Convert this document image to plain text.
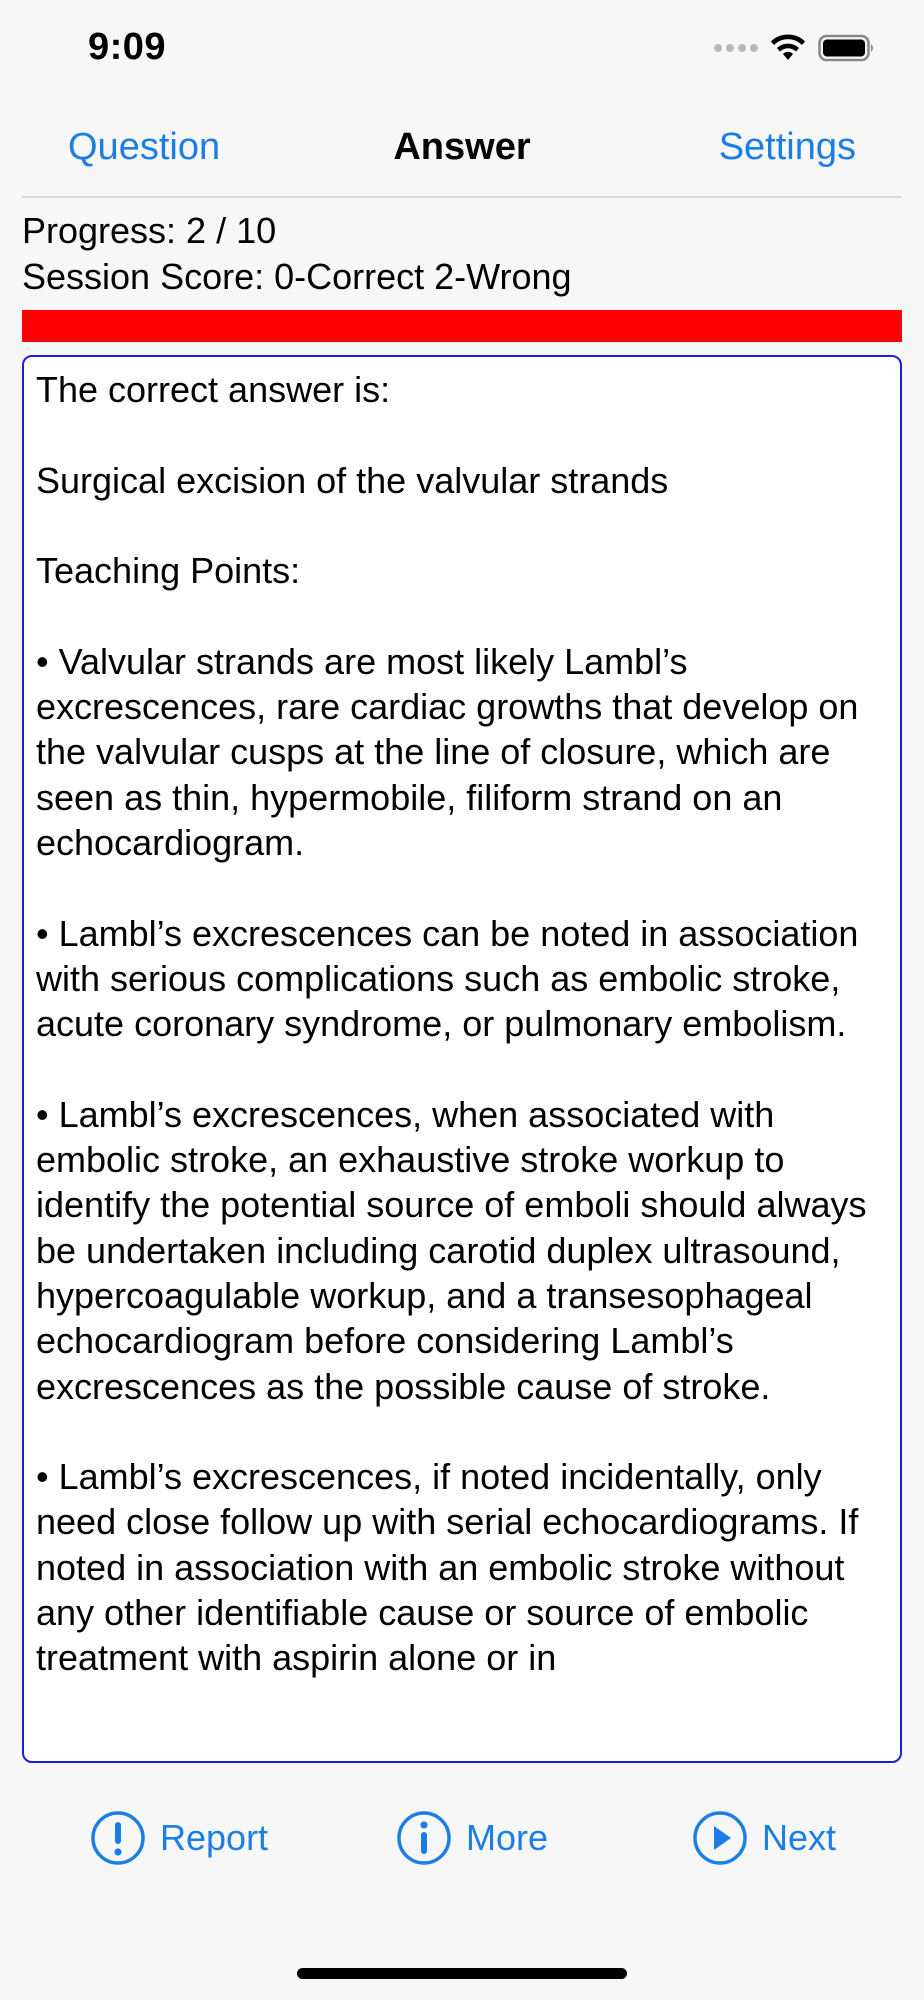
9:09
Question	Answer	Settings
Progress: 2 / 10
Session Score: 0-Correct 2-Wrong

The correct answer is:

Surgical excision of the valvular strands

Teaching Points:

• Valvular strands are most likely Lambl’s excrescences, rare cardiac growths that develop on the valvular cusps at the line of closure, which are seen as thin, hypermobile, filiform strand on an echocardiogram.

• Lambl’s excrescences can be noted in association with serious complications such as embolic stroke, acute coronary syndrome, or pulmonary embolism.

• Lambl’s excrescences, when associated with embolic stroke, an exhaustive stroke workup to identify the potential source of emboli should always be undertaken including carotid duplex ultrasound, hypercoagulable workup, and a transesophageal echocardiogram before considering Lambl’s excrescences as the possible cause of stroke.

• Lambl’s excrescences, if noted incidentally, only need close follow up with serial echocardiograms. If noted in association with an embolic stroke without any other identifiable cause or source of embolic treatment with aspirin alone or in

Report	More	Next
